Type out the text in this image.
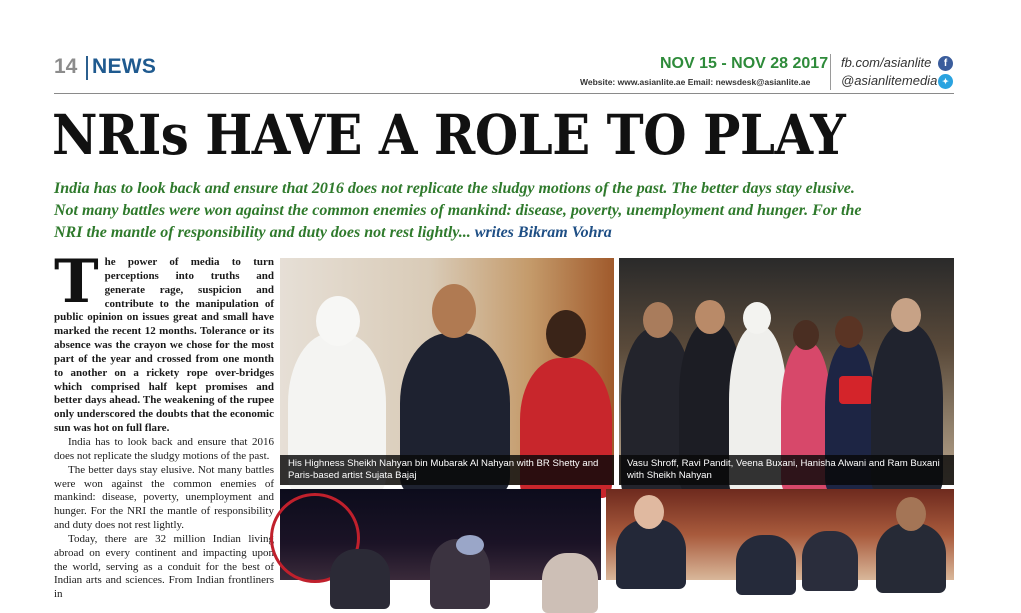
14 NEWS	NOV 15 - NOV 28 2017
Website: www.asianlite.ae Email: newsdesk@asianlite.ae
fb.com/asianlite	f
@asianlitemedia ✦
NRIs HAVE A ROLE TO PLAY
India has to look back and ensure that 2016 does not replicate the sludgy motions of the past. The better days stay elusive.
Not many battles were won against the common enemies of mankind: disease, poverty, unemployment and hunger. For the
NRI the mantle of responsibility and duty does not rest lightly... writes Bikram Vohra

The power of media to turn perceptions into truths and generate rage, suspicion and contribute to the manipulation of public opinion on issues great and small have marked the recent 12 months. Tolerance or its absence was the crayon we chose for the most part of the year and crossed from one month to another on a rickety rope over-bridges which comprised half kept promises and better days ahead. The weakening of the rupee only underscored the doubts that the economic sun was hot on full flare.

India has to look back and ensure that 2016 does not replicate the sludgy motions of the past.

The better days stay elusive. Not many battles were won against the common enemies of mankind: disease, poverty, unemployment and hunger. For the NRI the mantle of responsibility and duty does not rest lightly.

Today, there are 32 million Indian living abroad on every continent and impacting upon the world, serving as a conduit for the best of Indian arts and sciences. From Indian frontliners in

His Highness Sheikh Nahyan bin Mubarak Al Nahyan with BR Shetty and Paris-based artist Sujata Bajaj
Vasu Shroff, Ravi Pandit, Veena Buxani, Hanisha Alwani and Ram Buxani with Sheikh Nahyan
